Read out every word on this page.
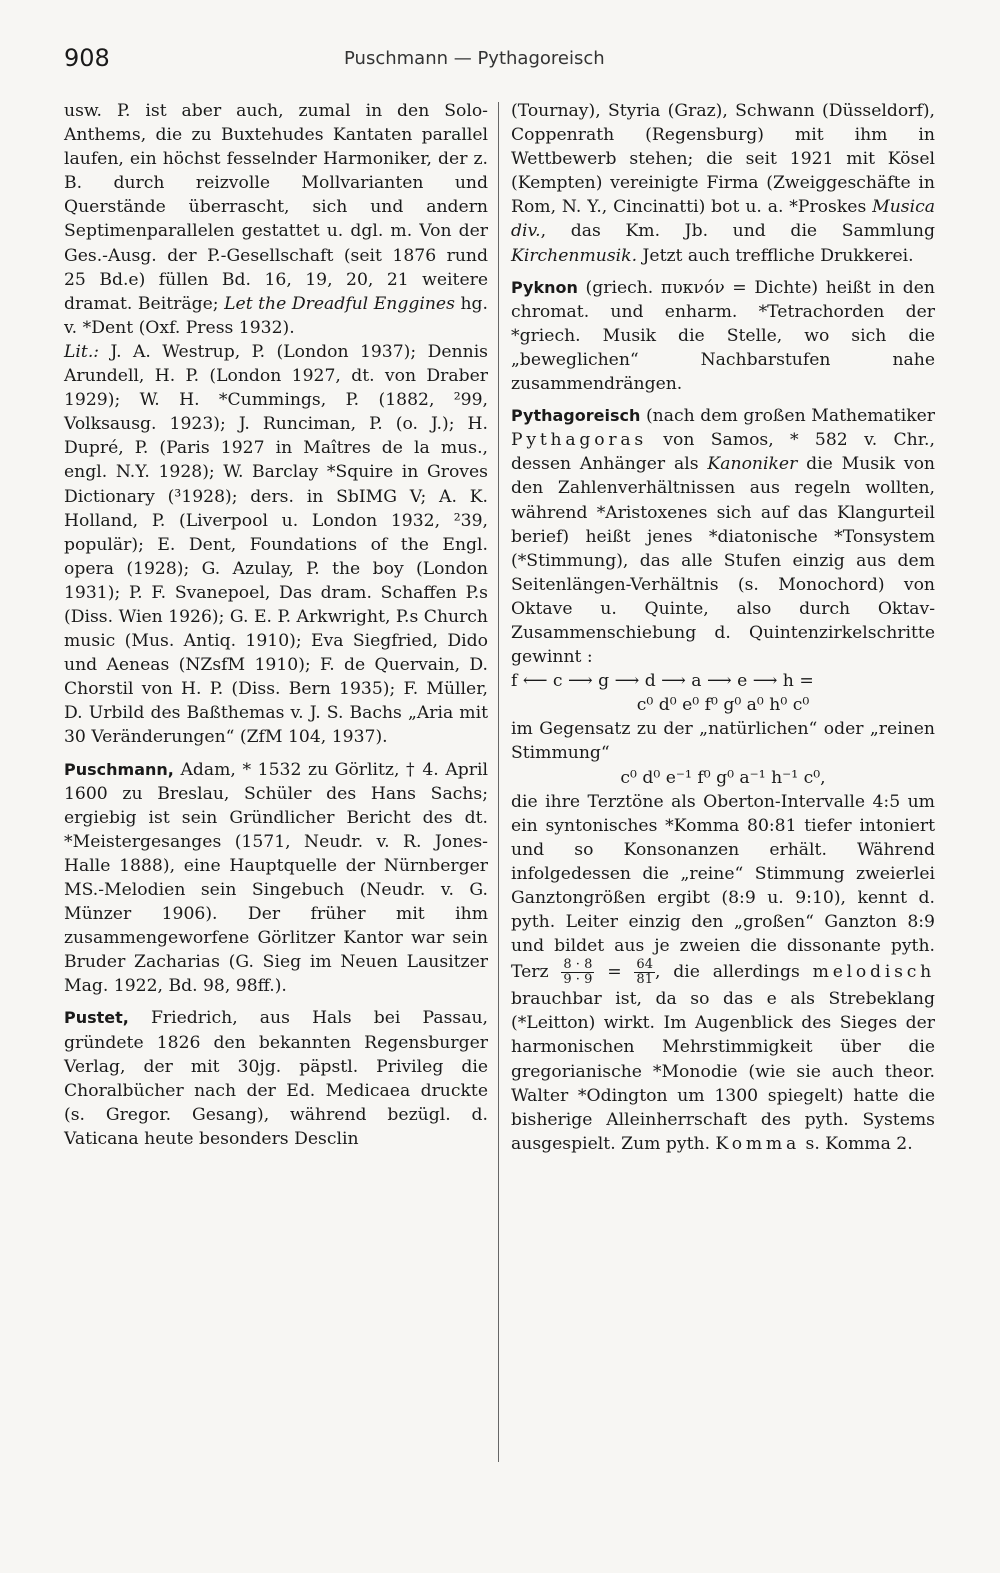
908	Puschmann — Pythagoreisch

usw. P. ist aber auch, zumal in den Solo-Anthems, die zu Buxtehudes Kantaten parallel laufen, ein höchst fesselnder Harmoniker, der z. B. durch reizvolle Mollvarianten und Querstände überrascht, sich und andern Septimenparallelen gestattet u. dgl. m. Von der Ges.-Ausg. der P.-Gesellschaft (seit 1876 rund 25 Bd.e) füllen Bd. 16, 19, 20, 21 weitere dramat. Beiträge; Let the Dreadful Enggines hg. v. *Dent (Oxf. Press 1932).

Lit.: J. A. Westrup, P. (London 1937); Dennis Arundell, H. P. (London 1927, dt. von Draber 1929); W. H. *Cummings, P. (1882, ²99, Volksausg. 1923); J. Runciman, P. (o. J.); H. Dupré, P. (Paris 1927 in Maîtres de la mus., engl. N.Y. 1928); W. Barclay *Squire in Groves Dictionary (³1928); ders. in SbIMG V; A. K. Holland, P. (Liverpool u. London 1932, ²39, populär); E. Dent, Foundations of the Engl. opera (1928); G. Azulay, P. the boy (London 1931); P. F. Svanepoel, Das dram. Schaffen P.s (Diss. Wien 1926); G. E. P. Arkwright, P.s Church music (Mus. Antiq. 1910); Eva Siegfried, Dido und Aeneas (NZsfM 1910); F. de Quervain, D. Chorstil von H. P. (Diss. Bern 1935); F. Müller, D. Urbild des Baßthemas v. J. S. Bachs „Aria mit 30 Veränderungen“ (ZfM 104, 1937).

Puschmann, Adam, * 1532 zu Görlitz, † 4. April 1600 zu Breslau, Schüler des Hans Sachs; ergiebig ist sein Gründlicher Bericht des dt. *Meistergesanges (1571, Neudr. v. R. Jones-Halle 1888), eine Hauptquelle der Nürnberger MS.-Melodien sein Singebuch (Neudr. v. G. Münzer 1906). Der früher mit ihm zusammengeworfene Görlitzer Kantor war sein Bruder Zacharias (G. Sieg im Neuen Lausitzer Mag. 1922, Bd. 98, 98ff.).

Pustet, Friedrich, aus Hals bei Passau, gründete 1826 den bekannten Regensburger Verlag, der mit 30jg. päpstl. Privileg die Choralbücher nach der Ed. Medicaea druckte (s. Gregor. Gesang), während bezügl. d. Vaticana heute besonders Desclin

(Tournay), Styria (Graz), Schwann (Düsseldorf), Coppenrath (Regensburg) mit ihm in Wettbewerb stehen; die seit 1921 mit Kösel (Kempten) vereinigte Firma (Zweiggeschäfte in Rom, N. Y., Cincinatti) bot u. a. *Proskes Musica div., das Km. Jb. und die Sammlung Kirchenmusik. Jetzt auch treffliche Drukkerei.

Pyknon (griech. πυκνόν = Dichte) heißt in den chromat. und enharm. *Tetrachorden der *griech. Musik die Stelle, wo sich die „beweglichen“ Nachbarstufen nahe zusammendrängen.

Pythagoreisch (nach dem großen Mathematiker Pythagoras von Samos, * 582 v. Chr., dessen Anhänger als Kanoniker die Musik von den Zahlenverhältnissen aus regeln wollten, während *Aristoxenes sich auf das Klangurteil berief) heißt jenes *diatonische *Tonsystem (*Stimmung), das alle Stufen einzig aus dem Seitenlängen-Verhältnis (s. Monochord) von Oktave u. Quinte, also durch Oktav-Zusammenschiebung d. Quintenzirkelschritte gewinnt :

f ⟵ c ⟶ g ⟶ d ⟶ a ⟶ e ⟶ h =

c⁰ d⁰ e⁰ f⁰ g⁰ a⁰ h⁰ c⁰

im Gegensatz zu der „natürlichen“ oder „reinen Stimmung“

c⁰ d⁰ e⁻¹ f⁰ g⁰ a⁻¹ h⁻¹ c⁰,

die ihre Terztöne als Oberton-Intervalle 4:5 um ein syntonisches *Komma 80:81 tiefer intoniert und so Konsonanzen erhält. Während infolgedessen die „reine“ Stimmung zweierlei Ganztongrößen ergibt (8:9 u. 9:10), kennt d. pyth. Leiter einzig den „großen“ Ganzton 8:9 und bildet aus je zweien die dissonante pyth. Terz $\frac{8 \cdot 8}{9 \cdot 9} = \frac{64}{81}$ , die allerdings melodisch brauchbar ist, da so das e als Strebeklang (*Leitton) wirkt. Im Augenblick des Sieges der harmonischen Mehrstimmigkeit über die gregorianische *Monodie (wie sie auch theor. Walter *Odington um 1300 spiegelt) hatte die bisherige Alleinherrschaft des pyth. Systems ausgespielt. Zum pyth. Komma s. Komma 2.
